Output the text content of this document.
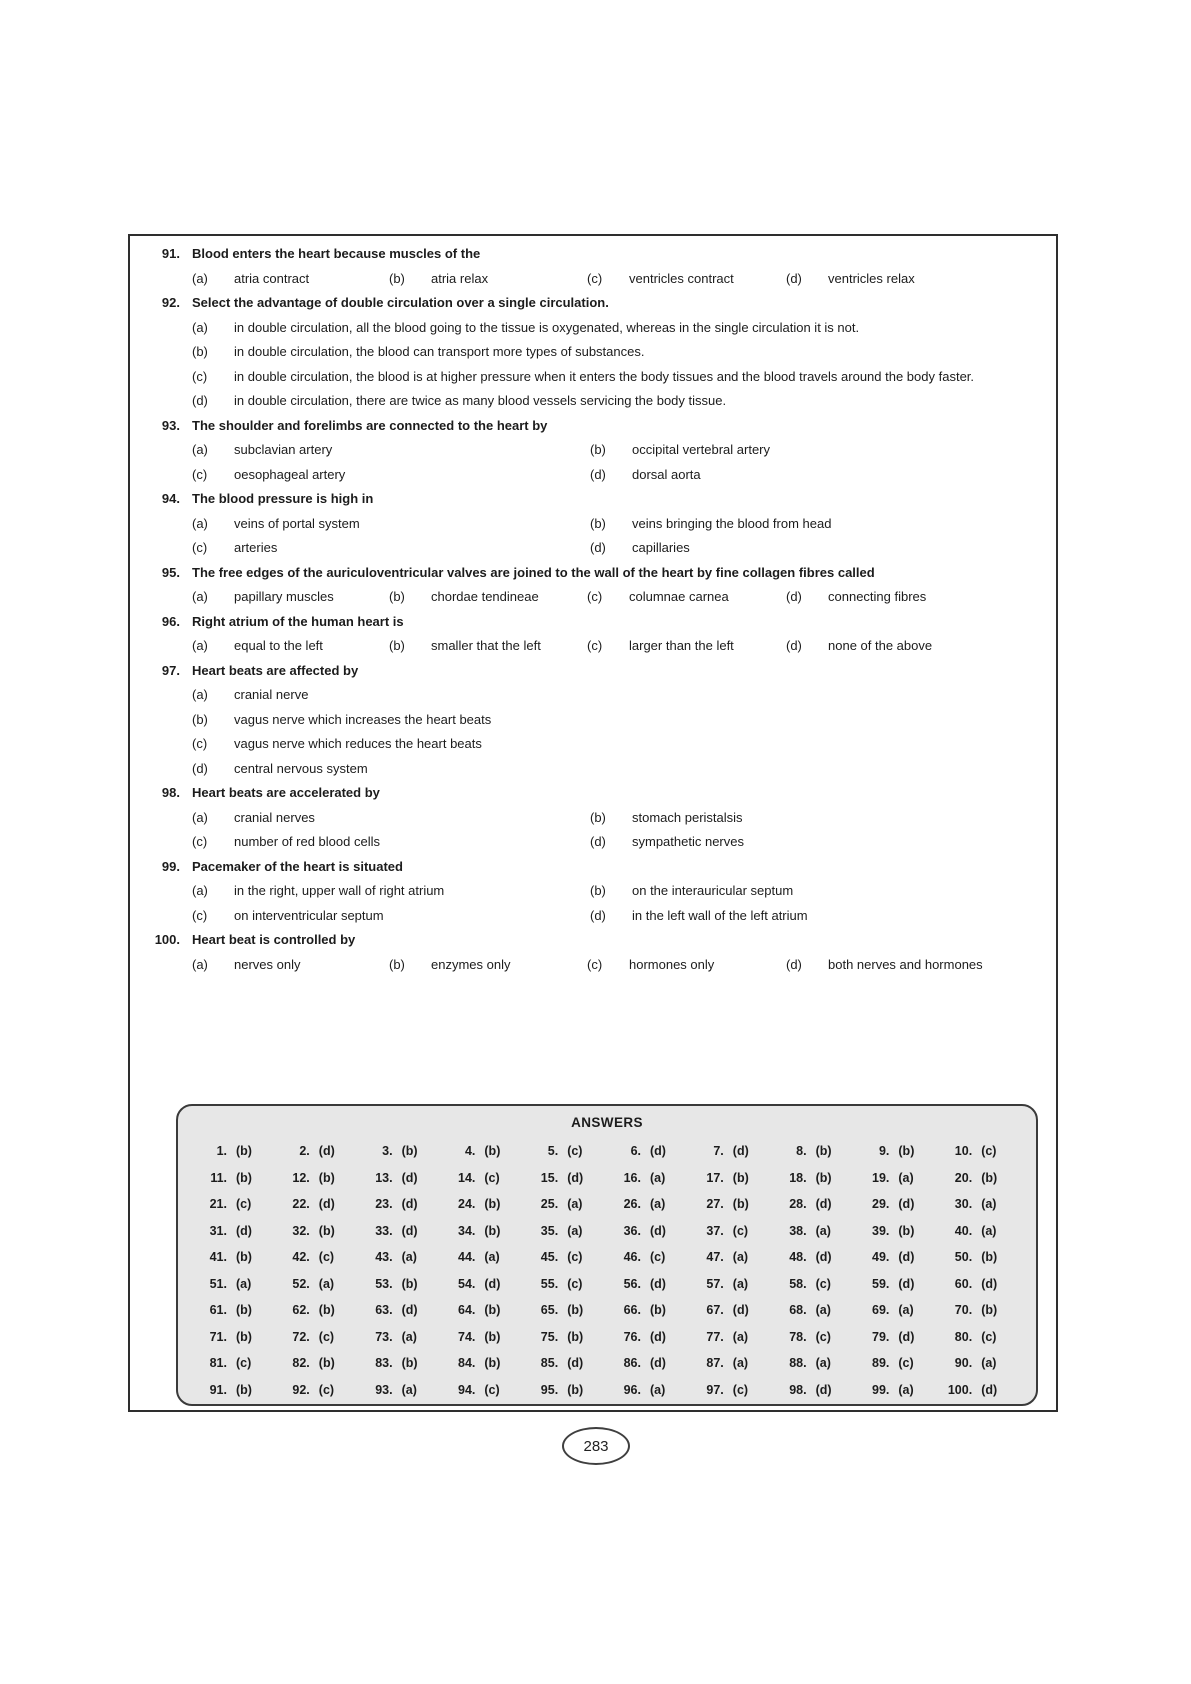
91. Blood enters the heart because muscles of the
(a)	atria contract	(b)	atria relax	(c)	ventricles contract	(d)	ventricles relax
92. Select the advantage of double circulation over a single circulation.
(a)	in double circulation, all the blood going to the tissue is oxygenated, whereas in the single circulation it is not.
(b)	in double circulation, the blood can transport more types of substances.
(c)	in double circulation, the blood is at higher pressure when it enters the body tissues and the blood travels around the body faster.
(d)	in double circulation, there are twice as many blood vessels servicing the body tissue.
93. The shoulder and forelimbs are connected to the heart by
(a)	subclavian artery	(b)	occipital vertebral artery
(c)	oesophageal artery	(d)	dorsal aorta
94. The blood pressure is high in
(a)	veins of portal system	(b)	veins bringing the blood from head
(c)	arteries	(d)	capillaries
95. The free edges of the auriculoventricular valves are joined to the wall of the heart by fine collagen fibres called
(a)	papillary muscles	(b)	chordae tendineae	(c)	columnae carnea	(d)	connecting fibres
96. Right atrium of the human heart is
(a)	equal to the left	(b)	smaller that the left	(c)	larger than the left	(d)	none of the above
97. Heart beats are affected by
(a)	cranial nerve
(b)	vagus nerve which increases the heart beats
(c)	vagus nerve which reduces the heart beats
(d)	central nervous system
98. Heart beats are accelerated by
(a)	cranial nerves	(b)	stomach peristalsis
(c)	number of red blood cells	(d)	sympathetic nerves
99. Pacemaker of the heart is situated
(a)	in the right, upper wall of right atrium	(b)	on the interauricular septum
(c)	on interventricular septum	(d)	in the left wall of the left atrium
100. Heart beat is controlled by
(a)	nerves only	(b)	enzymes only	(c)	hormones only	(d)	both nerves and hormones
ANSWERS
1. (b)	2. (d)	3. (b)	4. (b)	5. (c)	6. (d)	7. (d)	8. (b)	9. (b)	10. (c)
11. (b)	12. (b)	13. (d)	14. (c)	15. (d)	16. (a)	17. (b)	18. (b)	19. (a)	20. (b)
21. (c)	22. (d)	23. (d)	24. (b)	25. (a)	26. (a)	27. (b)	28. (d)	29. (d)	30. (a)
31. (d)	32. (b)	33. (d)	34. (b)	35. (a)	36. (d)	37. (c)	38. (a)	39. (b)	40. (a)
41. (b)	42. (c)	43. (a)	44. (a)	45. (c)	46. (c)	47. (a)	48. (d)	49. (d)	50. (b)
51. (a)	52. (a)	53. (b)	54. (d)	55. (c)	56. (d)	57. (a)	58. (c)	59. (d)	60. (d)
61. (b)	62. (b)	63. (d)	64. (b)	65. (b)	66. (b)	67. (d)	68. (a)	69. (a)	70. (b)
71. (b)	72. (c)	73. (a)	74. (b)	75. (b)	76. (d)	77. (a)	78. (c)	79. (d)	80. (c)
81. (c)	82. (b)	83. (b)	84. (b)	85. (d)	86. (d)	87. (a)	88. (a)	89. (c)	90. (a)
91. (b)	92. (c)	93. (a)	94. (c)	95. (b)	96. (a)	97. (c)	98. (d)	99. (a)	100. (d)
283
